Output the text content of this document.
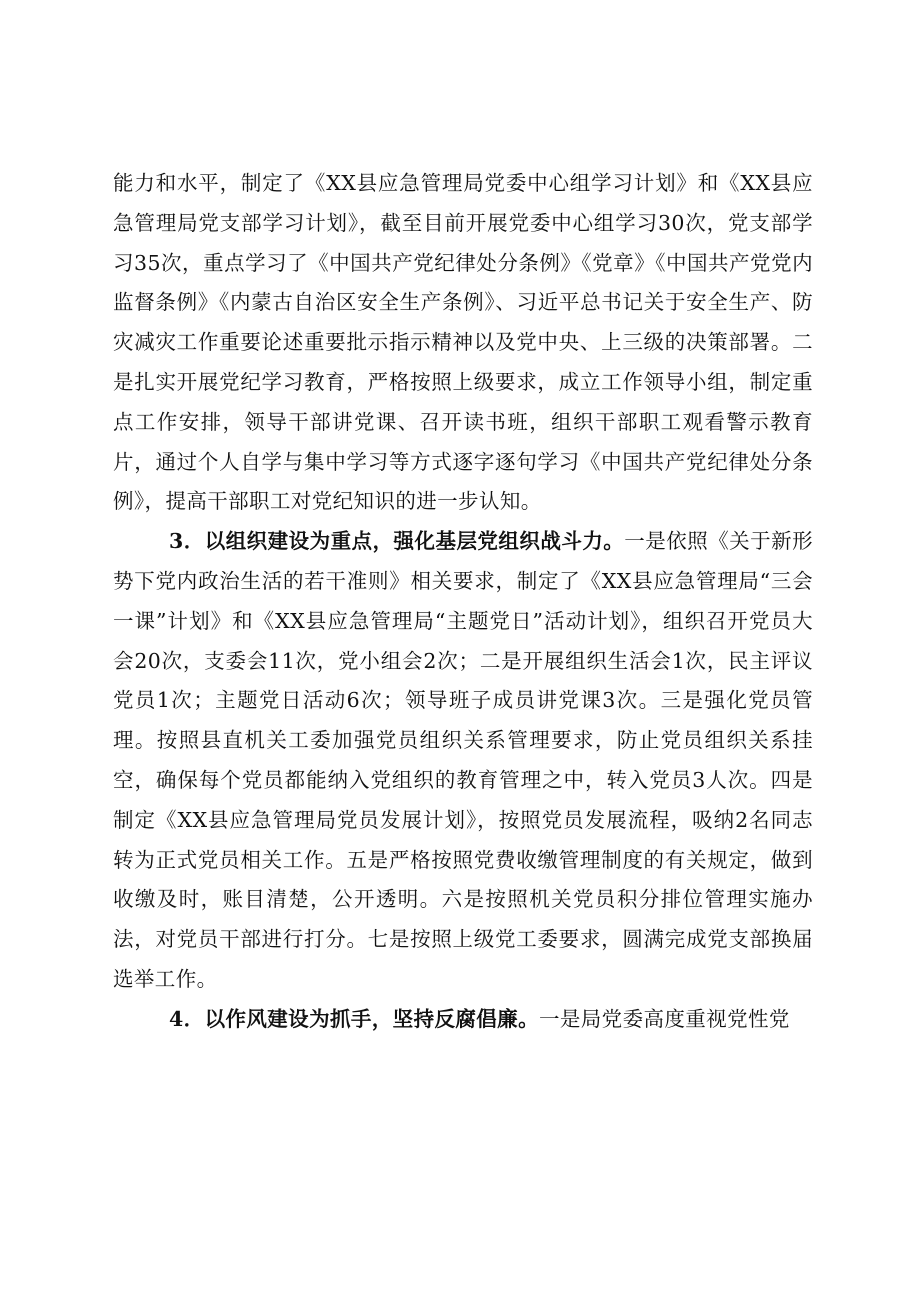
能力和水平，制定了《XX县应急管理局党委中心组学习计划》和《XX县应急管理局党支部学习计划》，截至目前开展党委中心组学习30次，党支部学习35次，重点学习了《中国共产党纪律处分条例》《党章》《中国共产党党内监督条例》《内蒙古自治区安全生产条例》、习近平总书记关于安全生产、防灾减灾工作重要论述重要批示指示精神以及党中央、上三级的决策部署。二是扎实开展党纪学习教育，严格按照上级要求，成立工作领导小组，制定重点工作安排，领导干部讲党课、召开读书班，组织干部职工观看警示教育片，通过个人自学与集中学习等方式逐字逐句学习《中国共产党纪律处分条例》，提高干部职工对党纪知识的进一步认知。

3．以组织建设为重点，强化基层党组织战斗力。一是依照《关于新形势下党内政治生活的若干准则》相关要求，制定了《XX县应急管理局“三会一课”计划》和《XX县应急管理局“主题党日”活动计划》，组织召开党员大会20次，支委会11次，党小组会2次；二是开展组织生活会1次，民主评议党员1次；主题党日活动6次；领导班子成员讲党课3次。三是强化党员管理。按照县直机关工委加强党员组织关系管理要求，防止党员组织关系挂空，确保每个党员都能纳入党组织的教育管理之中，转入党员3人次。四是制定《XX县应急管理局党员发展计划》，按照党员发展流程，吸纳2名同志转为正式党员相关工作。五是严格按照党费收缴管理制度的有关规定，做到收缴及时，账目清楚，公开透明。六是按照机关党员积分排位管理实施办法，对党员干部进行打分。七是按照上级党工委要求，圆满完成党支部换届选举工作。

4．以作风建设为抓手，坚持反腐倡廉。一是局党委高度重视党性党
